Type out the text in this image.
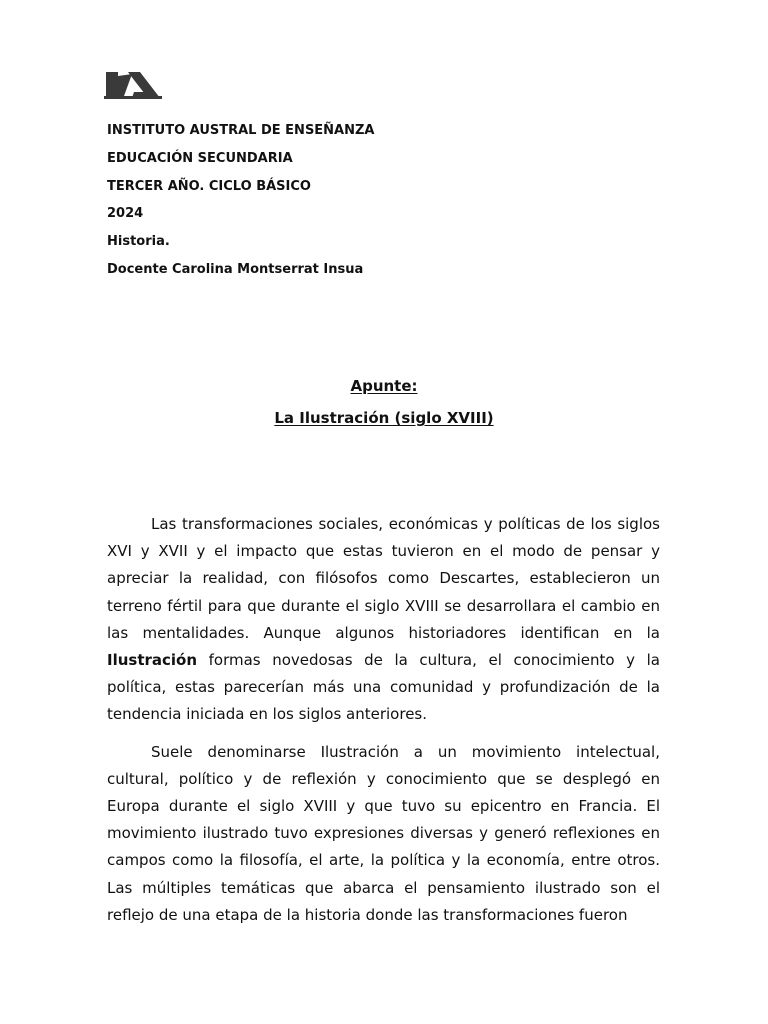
INSTITUTO AUSTRAL DE ENSEÑANZA
EDUCACIÓN SECUNDARIA
TERCER AÑO. CICLO BÁSICO
2024
Historia.
Docente Carolina Montserrat Insua
Apunte:
La Ilustración (siglo XVIII)

Las transformaciones sociales, económicas y políticas de los siglos XVI y XVII y el impacto que estas tuvieron en el modo de pensar y apreciar la realidad, con filósofos como Descartes, establecieron un terreno fértil para que durante el siglo XVIII se desarrollara el cambio en las mentalidades. Aunque algunos historiadores identifican en la Ilustración formas novedosas de la cultura, el conocimiento y la política, estas parecerían más una comunidad y profundización de la tendencia iniciada en los siglos anteriores.

Suele denominarse Ilustración a un movimiento intelectual, cultural, político y de reflexión y conocimiento que se desplegó en Europa durante el siglo XVIII y que tuvo su epicentro en Francia. El movimiento ilustrado tuvo expresiones diversas y generó reflexiones en campos como la filosofía, el arte, la política y la economía, entre otros. Las múltiples temáticas que abarca el pensamiento ilustrado son el reflejo de una etapa de la historia donde las transformaciones fueron
